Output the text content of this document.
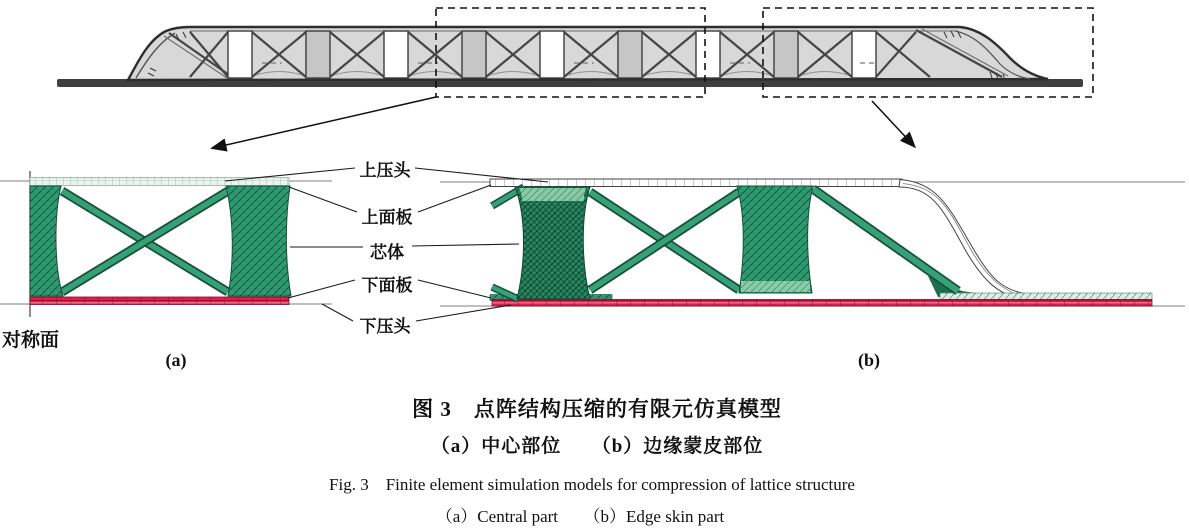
上压头
上面板
芯体
下面板
下压头
对称面
(a)	(b)
图 3　点阵结构压缩的有限元仿真模型
（a）中心部位　　（b）边缘蒙皮部位
Fig. 3　Finite element simulation models for compression of lattice structure
（a）Central part　　（b）Edge skin part
